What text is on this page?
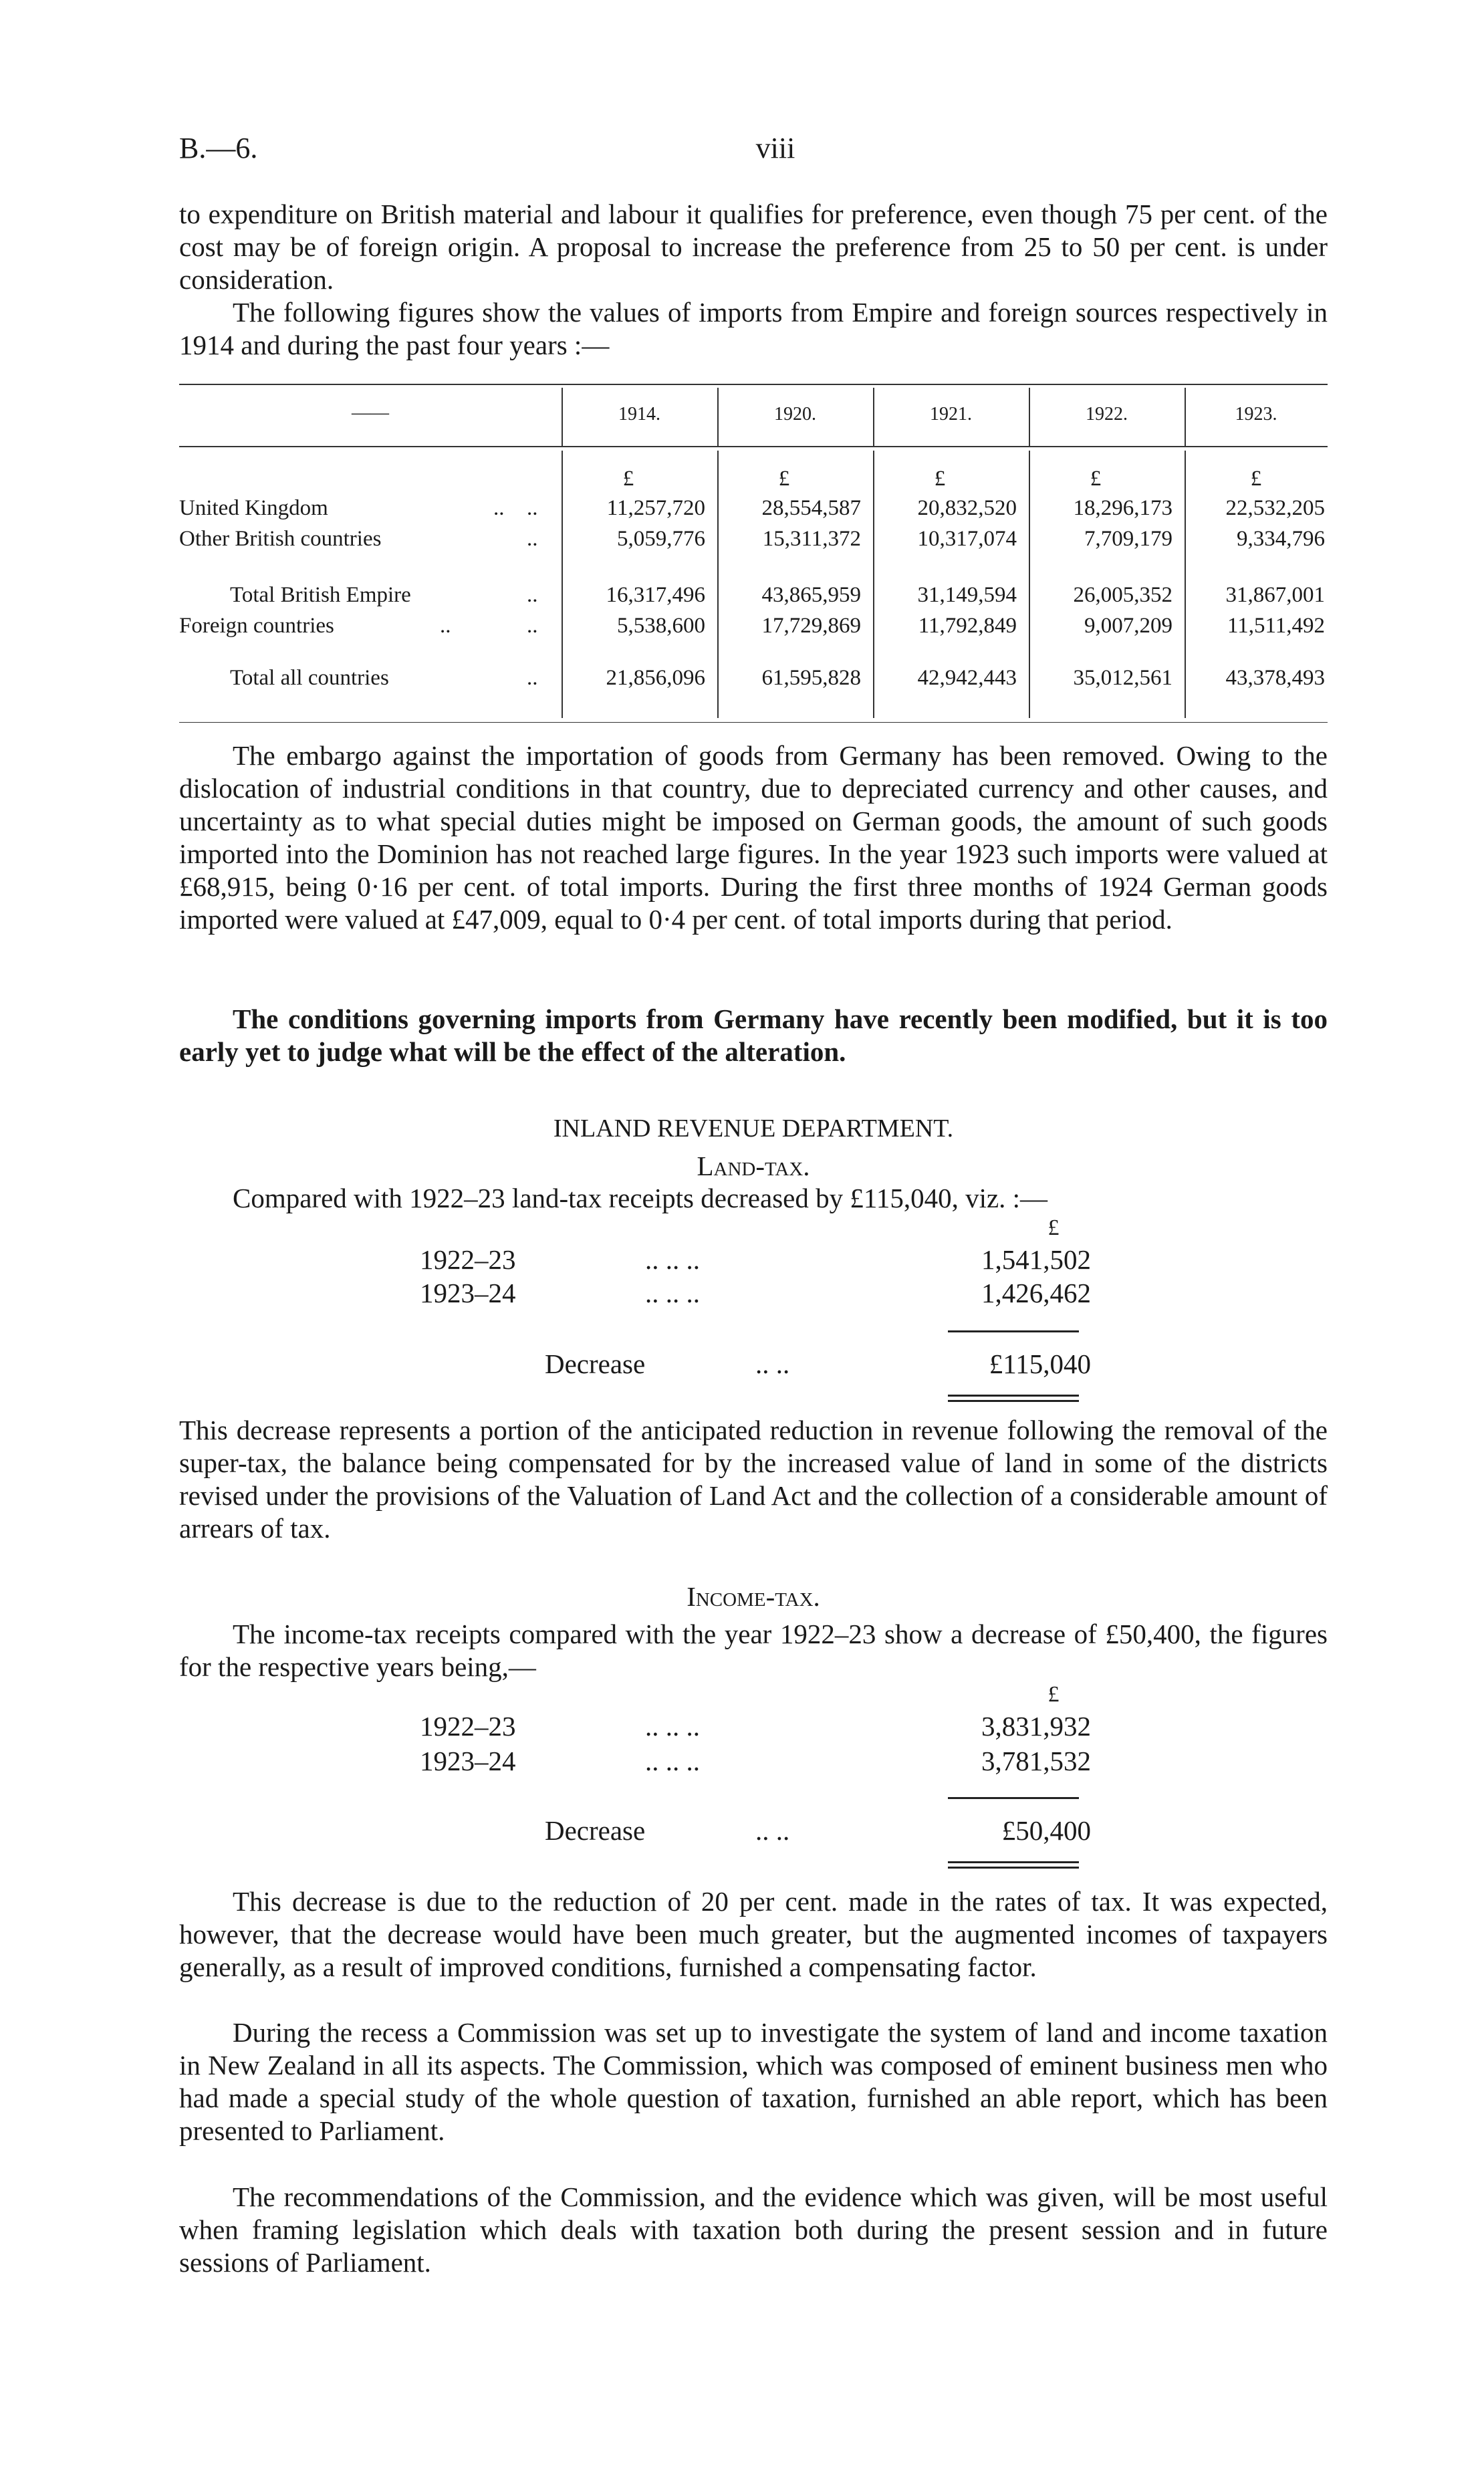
B.—6.	viii
to expenditure on British material and labour it qualifies for preference, even though 75 per cent. of the cost may be of foreign origin. A proposal to increase the preference from 25 to 50 per cent. is under consideration.
The following figures show the values of imports from Empire and foreign sources respectively in 1914 and during the past four years :—
——	1914.	1920.	1921.	1922.	1923.
£	£	£	£	£
United Kingdom	.. ..	11,257,720	28,554,587	20,832,520	18,296,173	22,532,205
Other British countries	..	5,059,776	15,311,372	10,317,074	7,709,179	9,334,796
Total British Empire	..	16,317,496	43,865,959	31,149,594	26,005,352	31,867,001
Foreign countries	..	..	5,538,600	17,729,869	11,792,849	9,007,209	11,511,492
Total all countries	..	21,856,096	61,595,828	42,942,443	35,012,561	43,378,493
The embargo against the importation of goods from Germany has been removed. Owing to the dislocation of industrial conditions in that country, due to depreciated currency and other causes, and uncertainty as to what special duties might be imposed on German goods, the amount of such goods imported into the Dominion has not reached large figures. In the year 1923 such imports were valued at £68,915, being 0·16 per cent. of total imports. During the first three months of 1924 German goods imported were valued at £47,009, equal to 0·4 per cent. of total imports during that period.
The conditions governing imports from Germany have recently been modified, but it is too early yet to judge what will be the effect of the alteration.
INLAND REVENUE DEPARTMENT.
Land-tax.
Compared with 1922–23 land-tax receipts decreased by £115,040, viz. :—
£
1922–23	.. .. ..	1,541,502
1923–24	.. .. ..	1,426,462
Decrease	.. ..	£115,040
This decrease represents a portion of the anticipated reduction in revenue following the removal of the super-tax, the balance being compensated for by the increased value of land in some of the districts revised under the provisions of the Valuation of Land Act and the collection of a considerable amount of arrears of tax.
Income-tax.
The income-tax receipts compared with the year 1922–23 show a decrease of £50,400, the figures for the respective years being,—
£
1922–23	.. .. ..	3,831,932
1923–24	.. .. ..	3,781,532
Decrease	.. ..	£50,400
This decrease is due to the reduction of 20 per cent. made in the rates of tax. It was expected, however, that the decrease would have been much greater, but the augmented incomes of taxpayers generally, as a result of improved conditions, furnished a compensating factor.
During the recess a Commission was set up to investigate the system of land and income taxation in New Zealand in all its aspects. The Commission, which was composed of eminent business men who had made a special study of the whole question of taxation, furnished an able report, which has been presented to Parliament.
The recommendations of the Commission, and the evidence which was given, will be most useful when framing legislation which deals with taxation both during the present session and in future sessions of Parliament.
